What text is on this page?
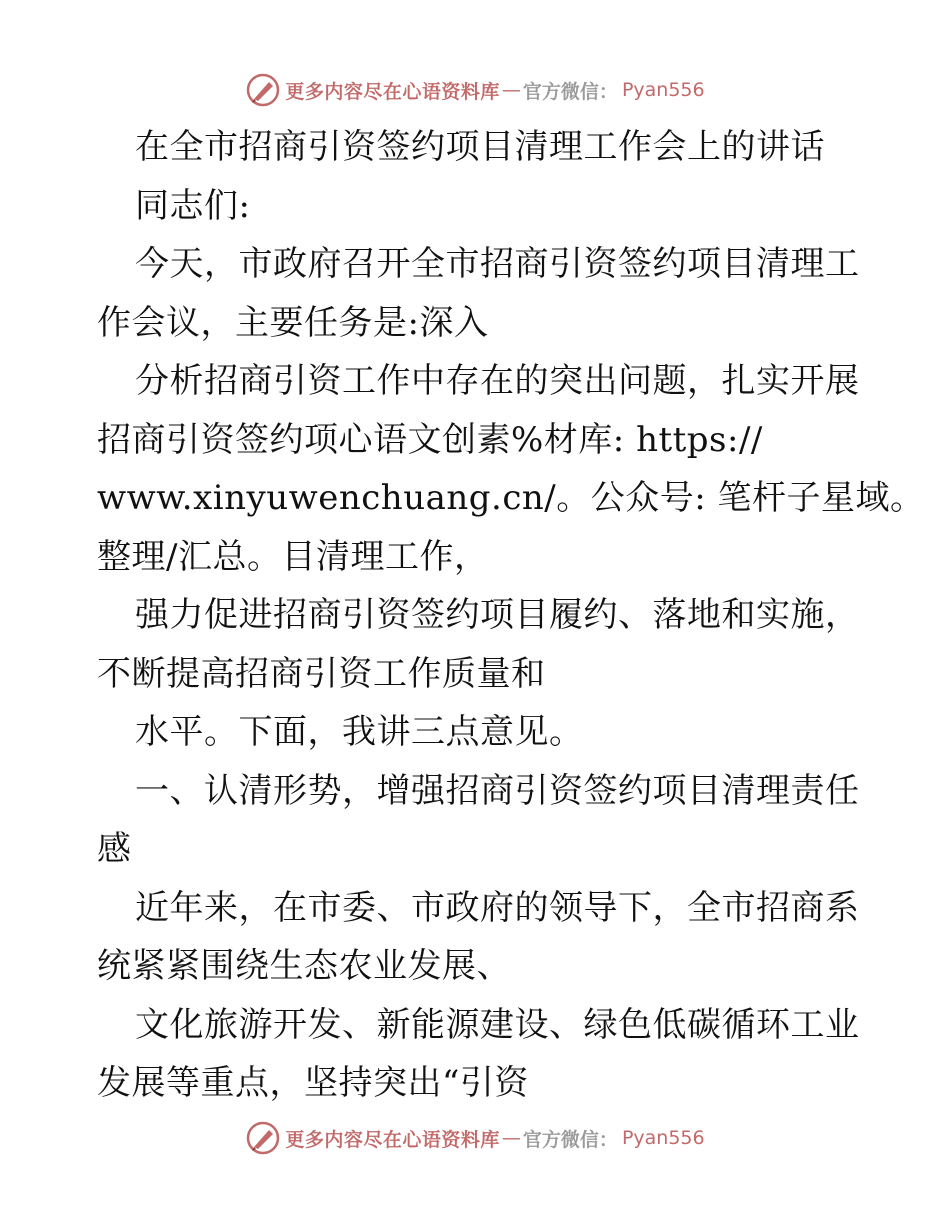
更多内容尽在心语资料库 — 官方微信： Pyan556
在全市招商引资签约项目清理工作会上的讲话
同志们:
今天，市政府召开全市招商引资签约项目清理工
作会议，主要任务是:深入
分析招商引资工作中存在的突出问题，扎实开展
招商引资签约项心语文创素%材库: https://
www.xinyuwenchuang.cn/。公众号: 笔杆子星域。
整理/汇总。目清理工作，
强力促进招商引资签约项目履约、落地和实施，
不断提高招商引资工作质量和
水平。下面，我讲三点意见。
一、认清形势，增强招商引资签约项目清理责任
感
近年来，在市委、市政府的领导下，全市招商系
统紧紧围绕生态农业发展、
文化旅游开发、新能源建设、绿色低碳循环工业
发展等重点，坚持突出“引资
更多内容尽在心语资料库 — 官方微信： Pyan556
